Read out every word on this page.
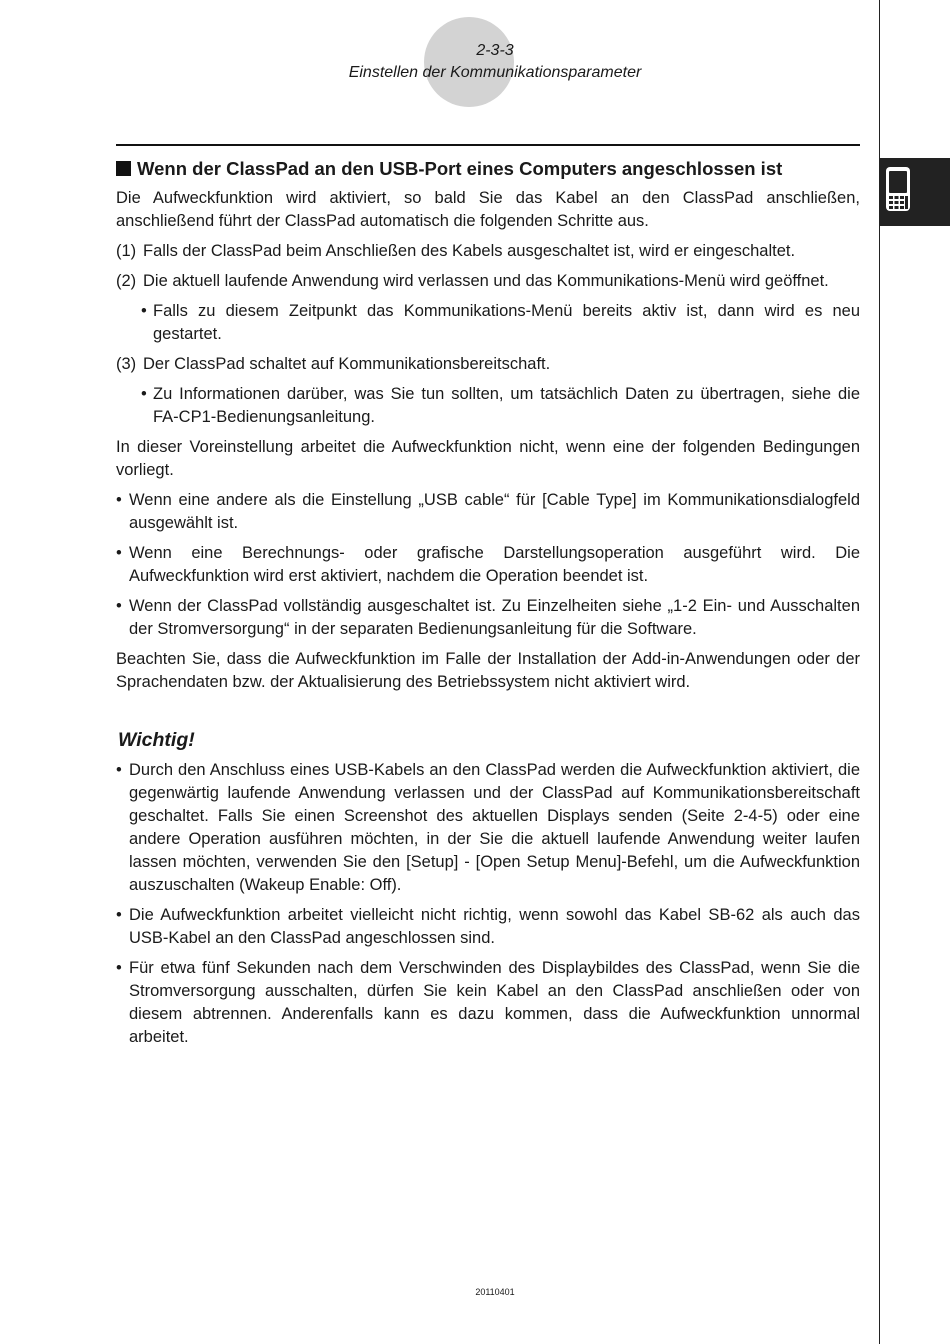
2-3-3
Einstellen der Kommunikationsparameter
Wenn der ClassPad an den USB-Port eines Computers angeschlossen ist
Die Aufweckfunktion wird aktiviert, so bald Sie das Kabel an den ClassPad anschließen, anschließend führt der ClassPad automatisch die folgenden Schritte aus.
(1) Falls der ClassPad beim Anschließen des Kabels ausgeschaltet ist, wird er eingeschaltet.
(2) Die aktuell laufende Anwendung wird verlassen und das Kommunikations-Menü wird geöffnet.
• Falls zu diesem Zeitpunkt das Kommunikations-Menü bereits aktiv ist, dann wird es neu gestartet.
(3) Der ClassPad schaltet auf Kommunikationsbereitschaft.
• Zu Informationen darüber, was Sie tun sollten, um tatsächlich Daten zu übertragen, siehe die FA-CP1-Bedienungsanleitung.
In dieser Voreinstellung arbeitet die Aufweckfunktion nicht, wenn eine der folgenden Bedingungen vorliegt.
• Wenn eine andere als die Einstellung „USB cable“ für [Cable Type] im Kommunikationsdialogfeld ausgewählt ist.
• Wenn eine Berechnungs- oder grafische Darstellungsoperation ausgeführt wird. Die Aufweckfunktion wird erst aktiviert, nachdem die Operation beendet ist.
• Wenn der ClassPad vollständig ausgeschaltet ist. Zu Einzelheiten siehe „1-2 Ein- und Ausschalten der Stromversorgung“ in der separaten Bedienungsanleitung für die Software.
Beachten Sie, dass die Aufweckfunktion im Falle der Installation der Add-in-Anwendungen oder der Sprachendaten bzw. der Aktualisierung des Betriebssystem nicht aktiviert wird.
Wichtig!
• Durch den Anschluss eines USB-Kabels an den ClassPad werden die Aufweckfunktion aktiviert, die gegenwärtig laufende Anwendung verlassen und der ClassPad auf Kommunikationsbereitschaft geschaltet. Falls Sie einen Screenshot des aktuellen Displays senden (Seite 2-4-5) oder eine andere Operation ausführen möchten, in der Sie die aktuell laufende Anwendung weiter laufen lassen möchten, verwenden Sie den [Setup] - [Open Setup Menu]-Befehl, um die Aufweckfunktion auszuschalten (Wakeup Enable: Off).
• Die Aufweckfunktion arbeitet vielleicht nicht richtig, wenn sowohl das Kabel SB-62 als auch das USB-Kabel an den ClassPad angeschlossen sind.
• Für etwa fünf Sekunden nach dem Verschwinden des Displaybildes des ClassPad, wenn Sie die Stromversorgung ausschalten, dürfen Sie kein Kabel an den ClassPad anschließen oder von diesem abtrennen. Anderenfalls kann es dazu kommen, dass die Aufweckfunktion unnormal arbeitet.
20110401
